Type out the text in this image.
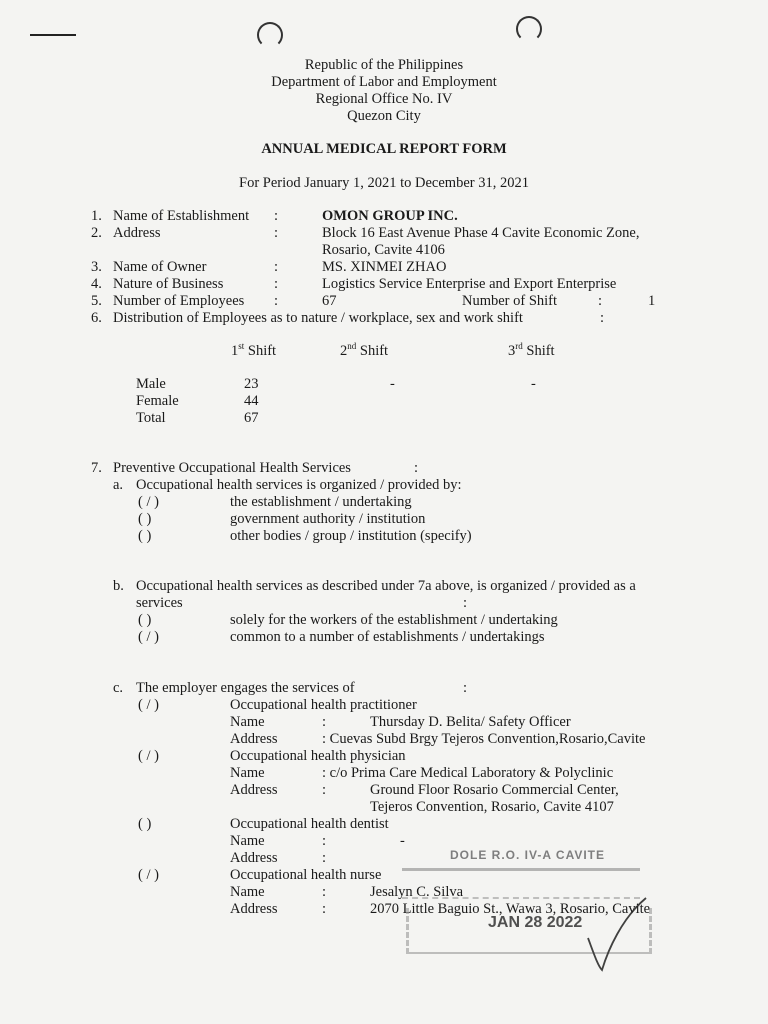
Republic of the Philippines
Department of Labor and Employment
Regional Office No. IV
Quezon City
ANNUAL MEDICAL REPORT FORM
For Period January 1, 2021 to December 31, 2021
1. Name of Establishment :	OMON GROUP INC.
2. Address	:	Block 16 East Avenue Phase 4 Cavite Economic Zone,
Rosario, Cavite 4106
3. Name of Owner	:	MS. XINMEI ZHAO
4. Nature of Business	:	Logistics Service Enterprise and Export Enterprise
5. Number of Employees :	67	Number of Shift	:	1
6. Distribution of Employees as to nature / workplace, sex and work shift	:
1st Shift	2nd Shift	3rd Shift
Male	23	-	-
Female	44
Total	67
7. Preventive Occupational Health Services	:
a. Occupational health services is organized / provided by:
( / )	the establishment / undertaking
( )	government authority / institution
( )	other bodies / group / institution (specify)
b. Occupational health services as described under 7a above, is organized / provided as a
services	:
( )	solely for the workers of the establishment / undertaking
( / )	common to a number of establishments / undertakings
c. The employer engages the services of	:
( / )	Occupational health practitioner
Name	:	Thursday D. Belita/ Safety Officer
Address	: Cuevas Subd Brgy Tejeros Convention,Rosario,Cavite
( / )	Occupational health physician
Name	: c/o Prima Care Medical Laboratory & Polyclinic
Address	:	Ground Floor Rosario Commercial Center,
Tejeros Convention, Rosario, Cavite 4107
( )	Occupational health dentist
Name	:	-
Address	:
( / )	Occupational health nurse
Name	:	Jesalyn C. Silva
Address	:	2070 Little Baguio St., Wawa 3, Rosario, Cavite
DOLE R.O. IV-A CAVITE
JAN 28 2022
